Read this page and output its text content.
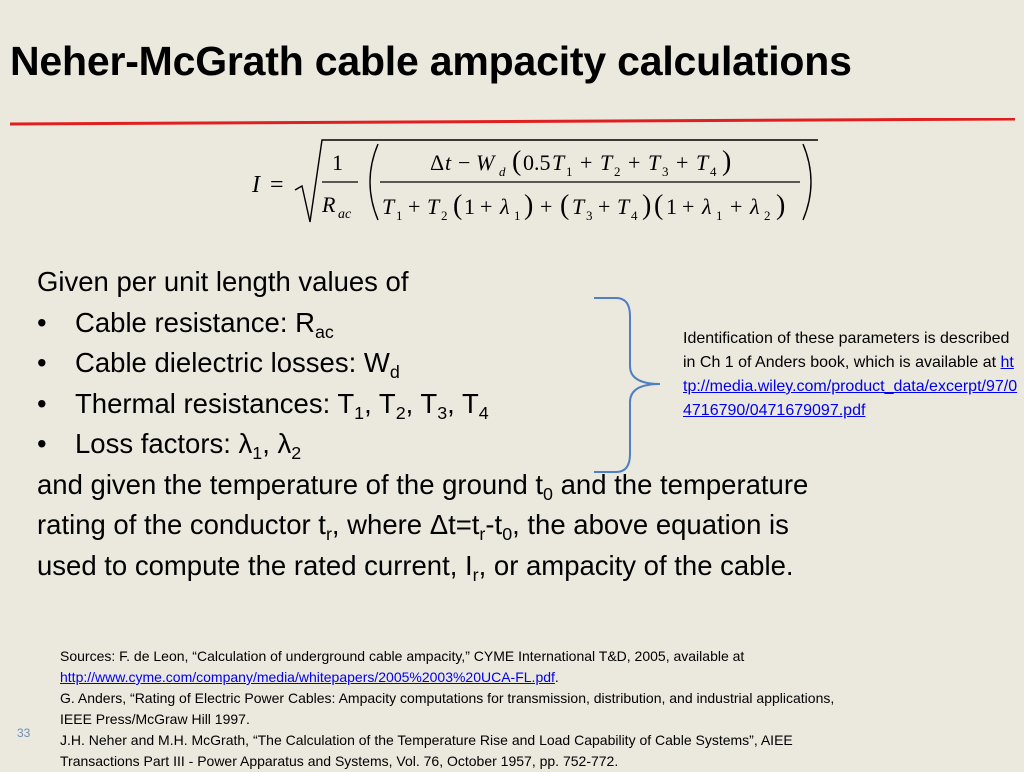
Neher-McGrath cable ampacity calculations
I =
1
R ac
Δ t − W d ( 0.5 T 1 + T 2 + T 3 + T 4 )
T 1 + T 2 ( 1 + λ 1 ) + ( T 3 + T 4 ) ( 1 + λ 1 + λ 2 )
Given per unit length values of
•	Cable resistance: $R_{ac}$
•	Cable dielectric losses: $W_d$
•	Thermal resistances: $T_1$, $T_2$, $T_3$, $T_4$
•	Loss factors: $\lambda_1$, $\lambda_2$
and given the temperature of the ground $t_0$ and the temperature
rating of the conductor $t_r$, where $\Delta t=t_r-t_0$, the above equation is
used to compute the rated current, $I_r$, or ampacity of the cable.
Identification of these parameters is described in Ch 1 of Anders book, which is available at http://media.wiley.com/product_data/excerpt/97/04716790/0471679097.pdf
Sources: F. de Leon, “Calculation of underground cable ampacity,” CYME International T&D, 2005, available at
http://www.cyme.com/company/media/whitepapers/2005%2003%20UCA-FL.pdf.
G. Anders, “Rating of Electric Power Cables: Ampacity computations for transmission, distribution, and industrial applications,
IEEE Press/McGraw Hill 1997.
J.H. Neher and M.H. McGrath, “The Calculation of the Temperature Rise and Load Capability of Cable Systems”, AIEE
Transactions Part III - Power Apparatus and Systems, Vol. 76, October 1957, pp. 752-772.
33
